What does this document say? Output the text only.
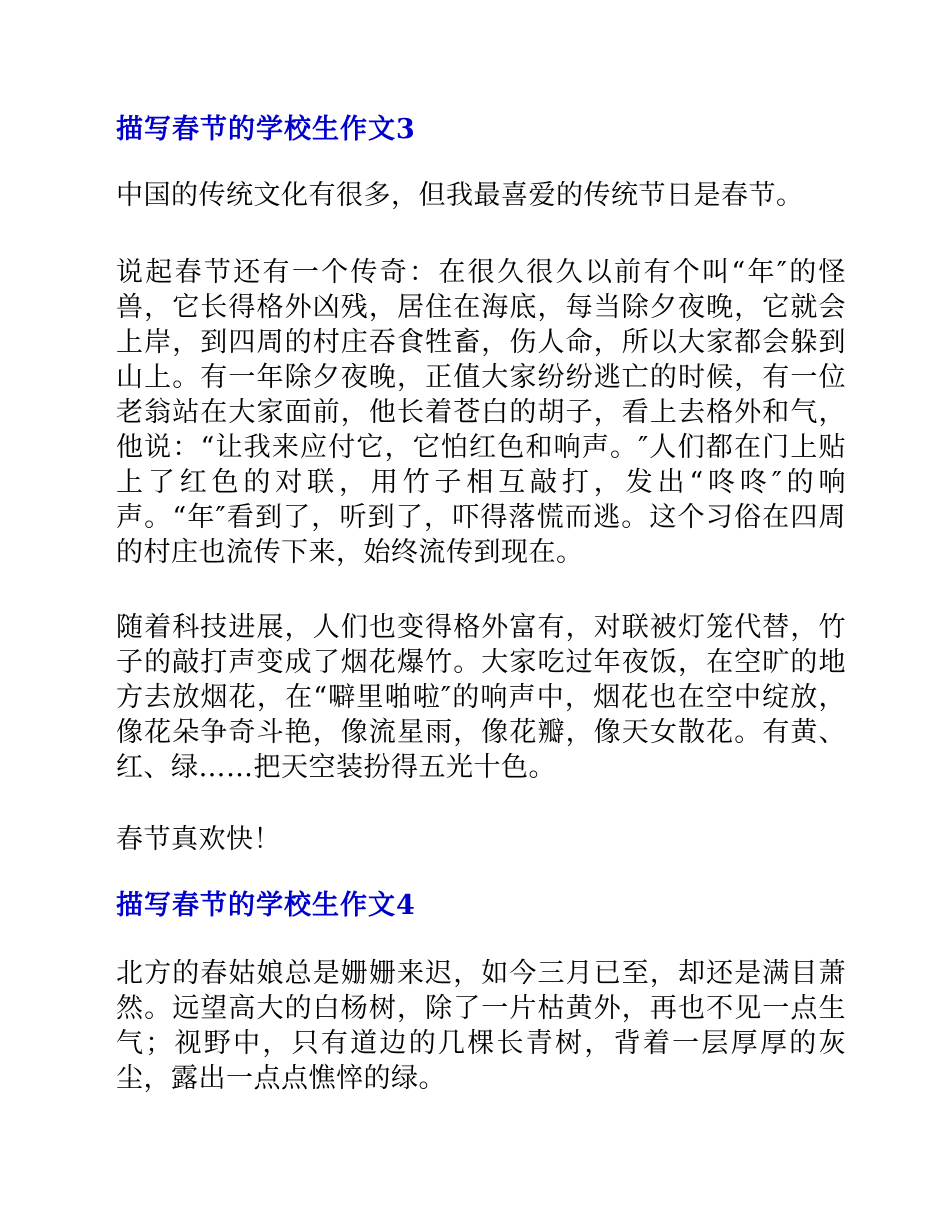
描写春节的学校生作文3

中国的传统文化有很多，但我最喜爱的传统节日是春节。

说起春节还有一个传奇：在很久很久以前有个叫“年″的怪兽，它长得格外凶残，居住在海底，每当除夕夜晚，它就会上岸，到四周的村庄吞食牲畜，伤人命，所以大家都会躲到山上。有一年除夕夜晚，正值大家纷纷逃亡的时候，有一位老翁站在大家面前，他长着苍白的胡子，看上去格外和气，他说：“让我来应付它，它怕红色和响声。″人们都在门上贴上了红色的对联，用竹子相互敲打，发出“咚咚″的响声。“年″看到了，听到了，吓得落慌而逃。这个习俗在四周的村庄也流传下来，始终流传到现在。

随着科技进展，人们也变得格外富有，对联被灯笼代替，竹子的敲打声变成了烟花爆竹。大家吃过年夜饭，在空旷的地方去放烟花，在“噼里啪啦″的响声中，烟花也在空中绽放，像花朵争奇斗艳，像流星雨，像花瓣，像天女散花。有黄、红、绿……把天空装扮得五光十色。

春节真欢快！

描写春节的学校生作文4

北方的春姑娘总是姗姗来迟，如今三月已至，却还是满目萧然。远望高大的白杨树，除了一片枯黄外，再也不见一点生气；视野中，只有道边的几棵长青树，背着一层厚厚的灰尘，露出一点点憔悴的绿。
